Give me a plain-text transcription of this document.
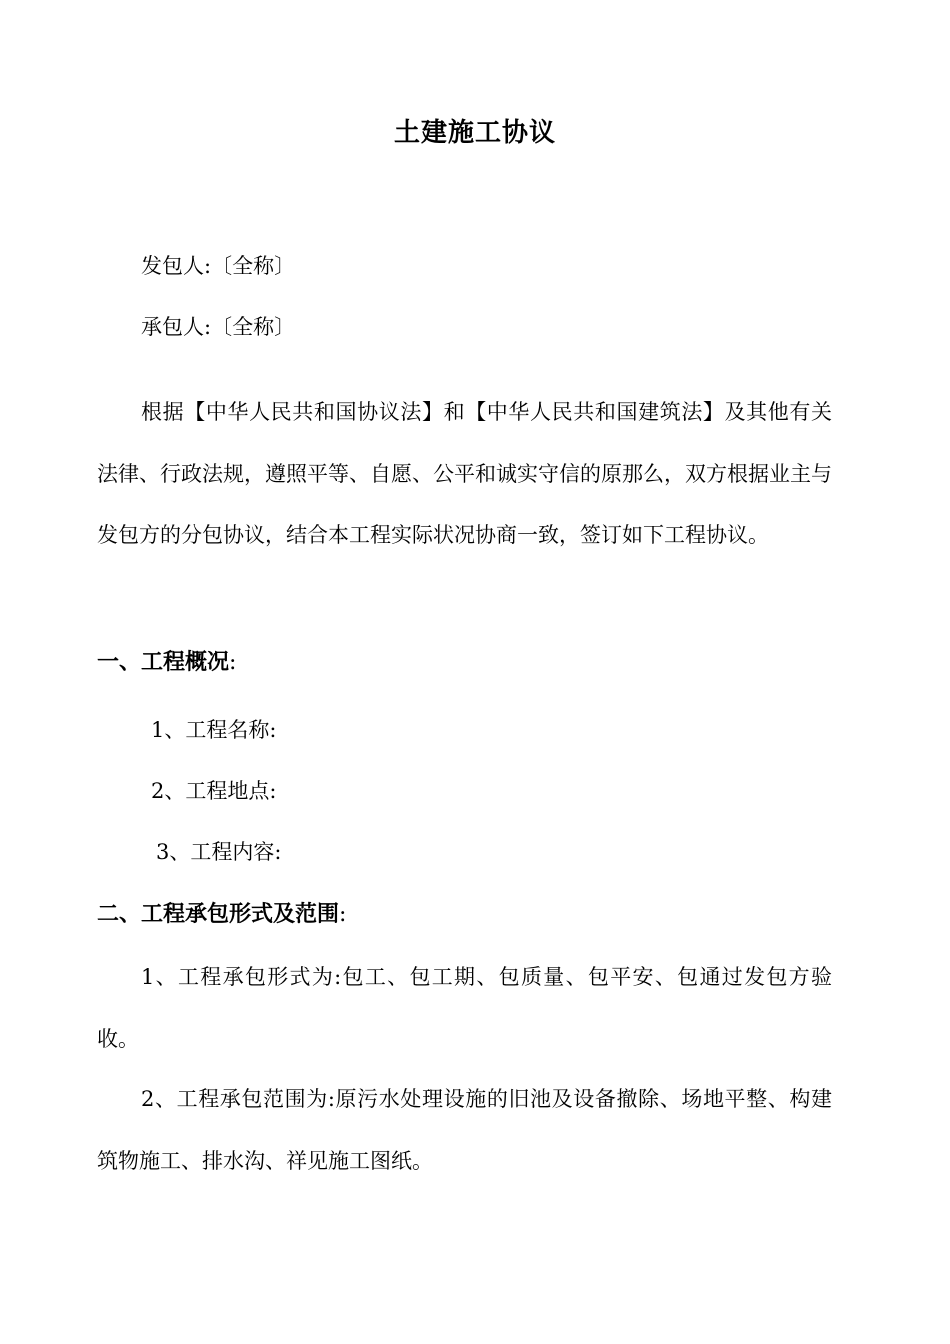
土建施工协议
发包人:〔全称〕
承包人:〔全称〕
根据【中华人民共和国协议法】和【中华人民共和国建筑法】及其他有关法律、行政法规，遵照平等、自愿、公平和诚实守信的原那么，双方根据业主与发包方的分包协议，结合本工程实际状况协商一致，签订如下工程协议。
一、工程概况:
1、工程名称:
2、工程地点:
3、工程内容:
二、工程承包形式及范围:
1、工程承包形式为:包工、包工期、包质量、包平安、包通过发包方验收。
2、工程承包范围为:原污水处理设施的旧池及设备撤除、场地平整、构建筑物施工、排水沟、祥见施工图纸。
